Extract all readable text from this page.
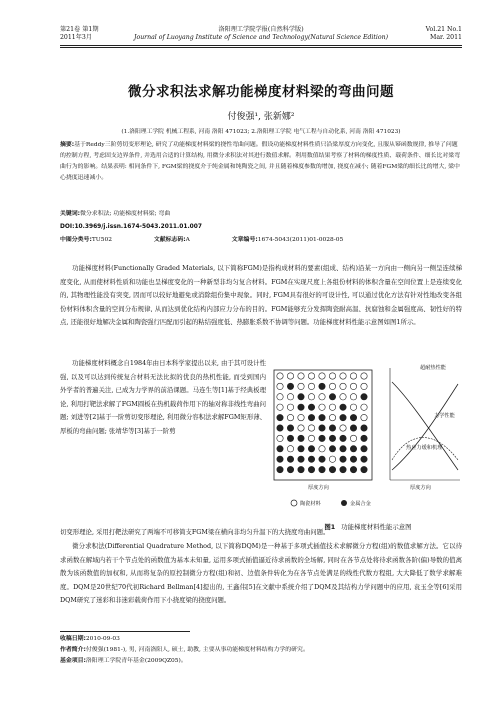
第21卷 第1期
2011年3月
洛阳理工学院学报(自然科学版)
Journal of Luoyang Institute of Science and Technology(Natural Science Edition)
Vol.21 No.1
Mar. 2011
微分求积法求解功能梯度材料梁的弯曲问题
付俊强¹, 张新娜²
(1.洛阳理工学院 机械工程系, 河南 洛阳 471023; 2.洛阳理工学院 电气工程与自动化系, 河南 洛阳 471023)
摘要:基于Reddy三阶剪切变形理论, 研究了功能梯度材料梁的挠性弯曲问题。假设功能梯度材料性质只沿梁厚度方向变化, 且服从幂函数规律, 推导了问题的控制方程, 考虑固支边界条件, 并选用合适的计算结构, 用微分求积法对其进行数值求解。利用数值结果考察了材料的梯度性质、载荷条件、细长比对梁弯曲行为的影响。结果表明: 相同条件下, FGM梁的挠度介于纯金属和纯陶瓷之间, 并且随着梯度参数的增加, 挠度在减小; 随着FGM梁的细长比的增大, 梁中心挠度迅速减小。
关键词:微分求积法; 功能梯度材料梁; 弯曲
DOI:10.3969/j.issn.1674-5043.2011.01.007
中图分类号:TU502	文献标志码:A	文章编号:1674-5043(2011)01-0028-05
功能梯度材料(Functionally Graded Materials, 以下简称FGM)是指构成材料的要素(组成、结构)沿某一方向由一侧向另一侧呈连续梯度变化, 从而使材料性质和功能也呈梯度变化的一种新型非均匀复合材料。FGM在实现尺度上各组份材料的体积含量在空间位置上是连续变化的, 其物理性能没有突变, 因而可以较好地避免或消除组份集中现象。同时, FGM具有很好的可设计性, 可以通过优化方法有针对性地改变各组份材料体积含量的空间分布规律, 从而达到优化结构内部应力分布的目的。FGM能够充分发挥陶瓷耐高温、抗腐蚀和金属强度高、韧性好的特点, 还能很好地解决金属和陶瓷强行匹配而引起的粘结强度低、热膨胀系数不协调等问题。功能梯度材料性能示意图如图1所示。
功能梯度材料概念自1984年由日本科学家提出以来, 由于其可设计性强, 以及可以达到传统复合材料无法比拟的优良的热机性能, 而受到国内外学者的普遍关注, 已成为力学界的前沿课题。马连生等[1]基于经典板理论, 利用打靶法求解了FGM圆板在热机载荷作用下的轴对称非线性弯曲问题; 刘进等[2]基于一阶剪切变形理论, 利用微分容积法求解FGM矩形薄、厚板的弯曲问题; 张靖华等[3]基于一阶剪
超耐热性能
力学性能
热应力缓和机理
厚度方向	厚度方向
陶瓷材料	金属合金
图1 功能梯度材料性能示意图
切变形理论, 采用打靶法研究了两端不可移简支FGM梁在横向非均匀升温下的大挠度弯曲问题。
微分求积法(Differential Quadrature Method, 以下简称DQM)是一种基于多项式插值技术求解微分方程(组)的数值求解方法。它以待求函数在解域内若干个节点处的函数值为基本未知量, 运用多项式插值逼近待求函数的全场解, 同时在各节点处将待求函数各阶(偏)导数的值离散为该函数值的加权和, 从而将复杂的原控制微分方程(组)和初、边值条件转化为在各节点处满足的线性代数方程组, 大大降低了数学求解难度。DQM是20世纪70代初Richard Bellman[4]提出的, 王鑫伟[5]在文献中系统介绍了DQM及其结构力学问题中的应用, 袁玉全等[6]采用DQM研究了迷彩和非迷彩载荷作用下小挠度梁的挠度问题。
收稿日期:2010-09-03
作者简介:付俊强(1981-), 男, 河南洛阳人, 硕士, 助教, 主要从事功能梯度材料结构力学的研究。
基金项目:洛阳理工学院青年基金(2009QZ05)。
